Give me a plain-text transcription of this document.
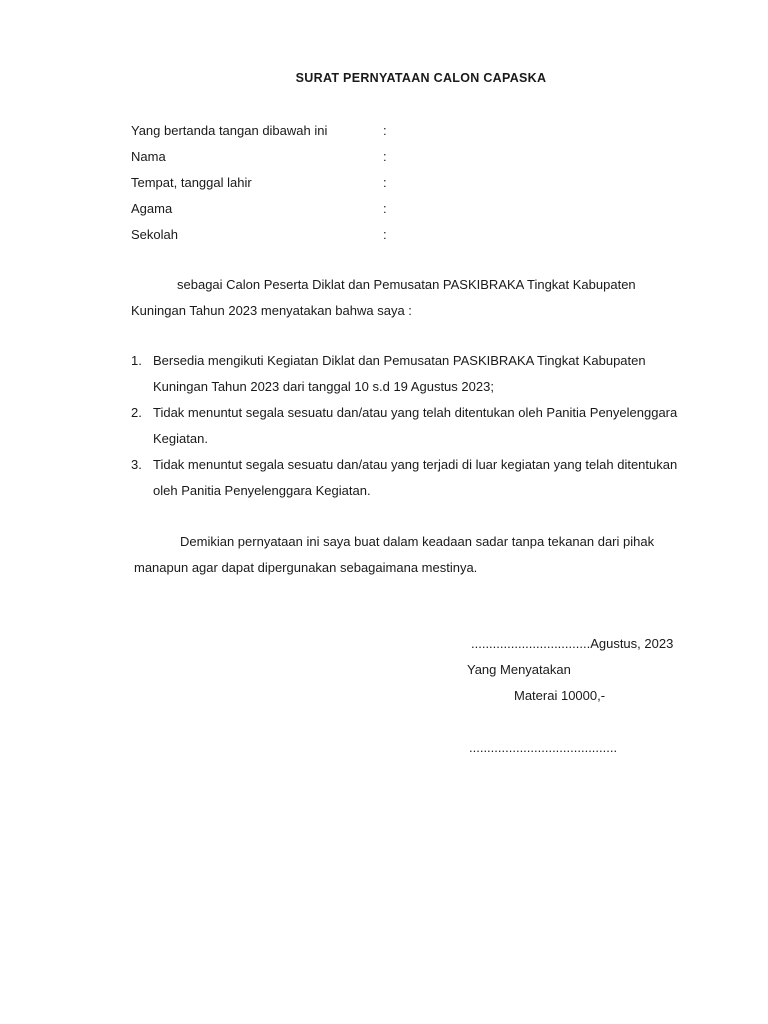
SURAT PERNYATAAN CALON CAPASKA
Yang bertanda tangan dibawah ini	:
Nama	:
Tempat, tanggal lahir	:
Agama	:
Sekolah	:
sebagai Calon Peserta Diklat dan Pemusatan PASKIBRAKA Tingkat Kabupaten
Kuningan Tahun 2023 menyatakan bahwa saya :
1. Bersedia mengikuti Kegiatan Diklat dan Pemusatan PASKIBRAKA Tingkat Kabupaten
Kuningan Tahun 2023 dari tanggal 10 s.d 19 Agustus 2023;
2. Tidak menuntut segala sesuatu dan/atau yang telah ditentukan oleh Panitia Penyelenggara
Kegiatan.
3. Tidak menuntut segala sesuatu dan/atau yang terjadi di luar kegiatan yang telah ditentukan
oleh Panitia Penyelenggara Kegiatan.
Demikian pernyataan ini saya buat dalam keadaan sadar tanpa tekanan dari pihak
manapun agar dapat dipergunakan sebagaimana mestinya.
.................................Agustus, 2023
Yang Menyatakan
Materai 10000,-
.........................................
